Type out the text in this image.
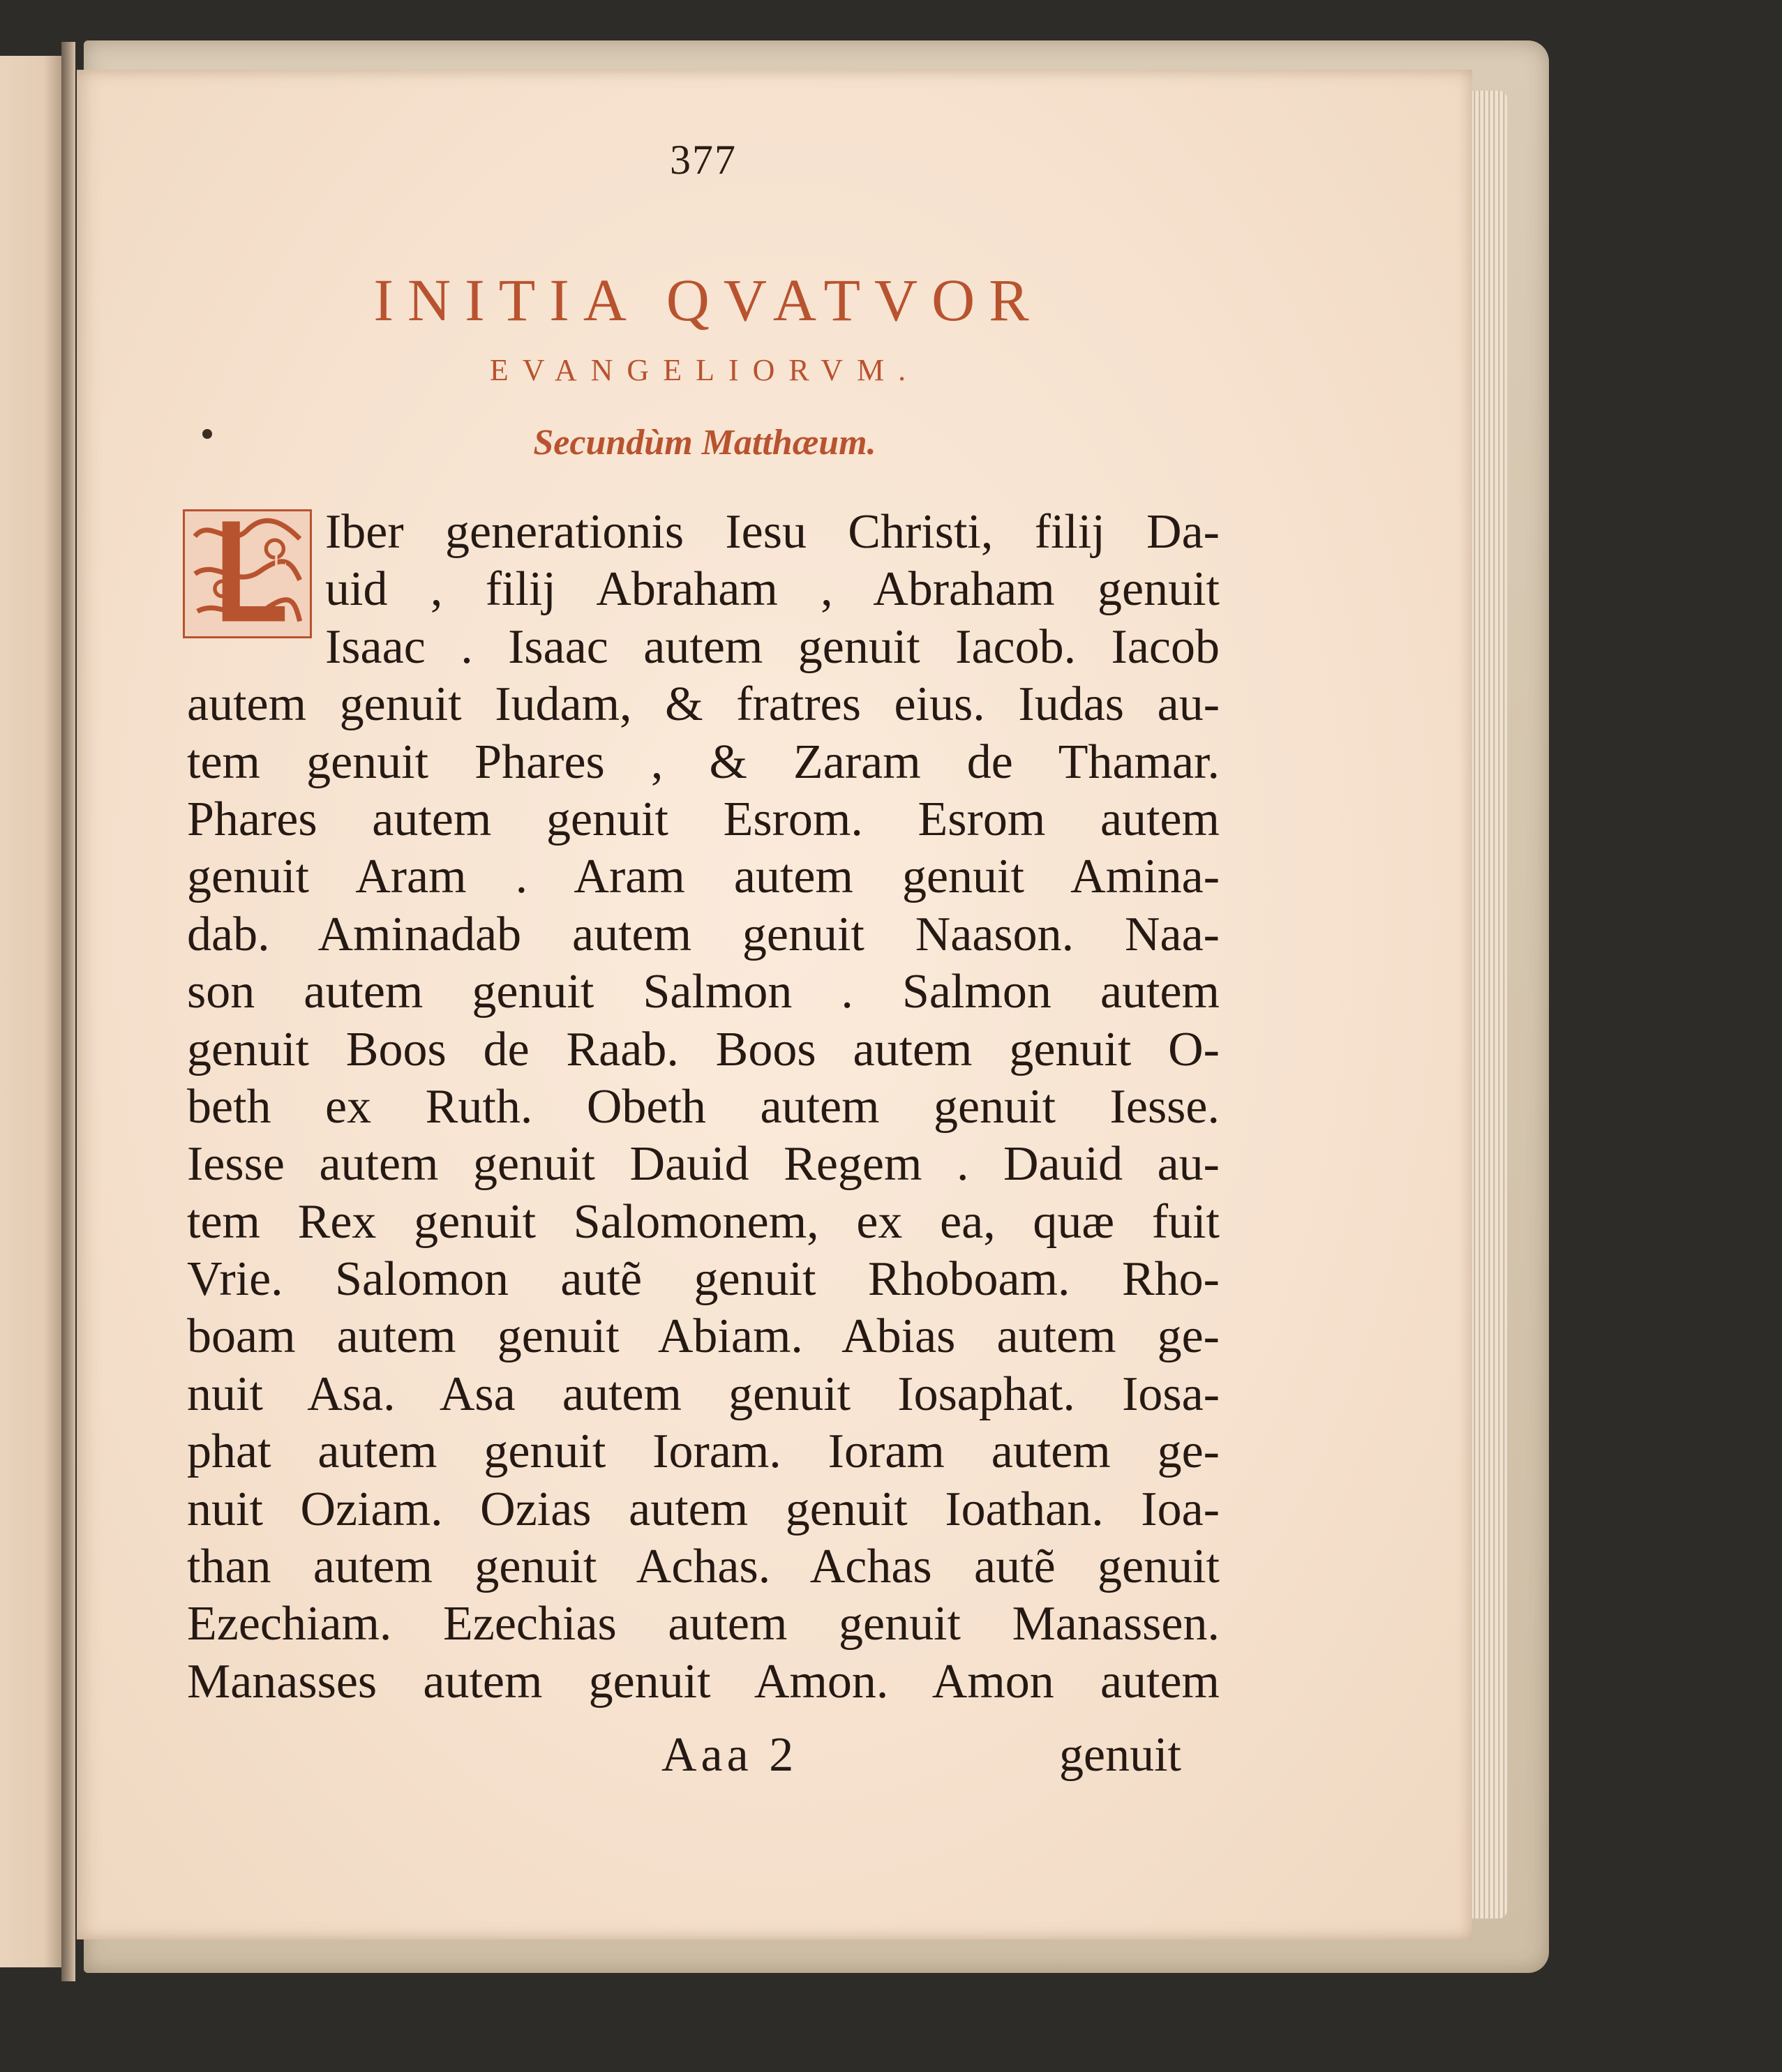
377
INITIA QVATVOR
EVANGELIORVM.
Secundùm Matthæum.
L
Iber generationis Iesu Christi, filij Da-
uid , filij Abraham , Abraham genuit
Isaac . Isaac autem genuit Iacob. Iacob
autem genuit Iudam, & fratres eius. Iudas au-
tem genuit Phares , & Zaram de Thamar.
Phares autem genuit Esrom. Esrom autem
genuit Aram . Aram autem genuit Amina-
dab. Aminadab autem genuit Naason. Naa-
son autem genuit Salmon . Salmon autem
genuit Boos de Raab. Boos autem genuit O-
beth ex Ruth. Obeth autem genuit Iesse.
Iesse autem genuit Dauid Regem . Dauid au-
tem Rex genuit Salomonem, ex ea, quæ fuit
Vrie. Salomon autẽ genuit Rhoboam. Rho-
boam autem genuit Abiam. Abias autem ge-
nuit Asa. Asa autem genuit Iosaphat. Iosa-
phat autem genuit Ioram. Ioram autem ge-
nuit Oziam. Ozias autem genuit Ioathan. Ioa-
than autem genuit Achas. Achas autẽ genuit
Ezechiam. Ezechias autem genuit Manassen.
Manasses autem genuit Amon. Amon autem
Aaa 2	genuit
